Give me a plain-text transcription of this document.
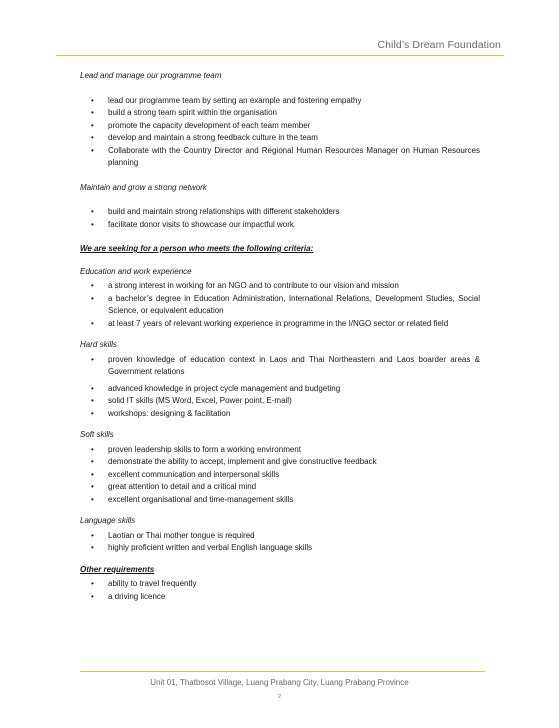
Child’s Dream Foundation
Lead and manage our programme team
• lead our programme team by setting an example and fostering empathy
• build a strong team spirit within the organisation
• promote the capacity development of each team member
• develop and maintain a strong feedback culture in the team
• Collaborate with the Country Director and Regional Human Resources Manager on Human Resources planning
Maintain and grow a strong network
• build and maintain strong relationships with different stakeholders
• facilitate donor visits to showcase our impactful work
We are seeking for a person who meets the following criteria:
Education and work experience
• a strong interest in working for an NGO and to contribute to our vision and mission
• a bachelor’s degree in Education Administration, International Relations, Development Studies, Social Science, or equivalent education
• at least 7 years of relevant working experience in programme in the I/NGO sector or related field
Hard skills
• proven knowledge of education context in Laos and Thai Northeastern and Laos boarder areas & Government relations
• advanced knowledge in project cycle management and budgeting
• solid IT skills (MS Word, Excel, Power point, E-mail)
• workshops: designing & facilitation
Soft skills
• proven leadership skills to form a working environment
• demonstrate the ability to accept, implement and give constructive feedback
• excellent communication and interpersonal skills
• great attention to detail and a critical mind
• excellent organisational and time-management skills
Language skills
• Laotian or Thai mother tongue is required
• highly proficient written and verbal English language skills
Other requirements
• ability to travel frequently
• a driving licence
Unit 01, Thatbosot Village, Luang Prabang City, Luang Prabang Province
2
